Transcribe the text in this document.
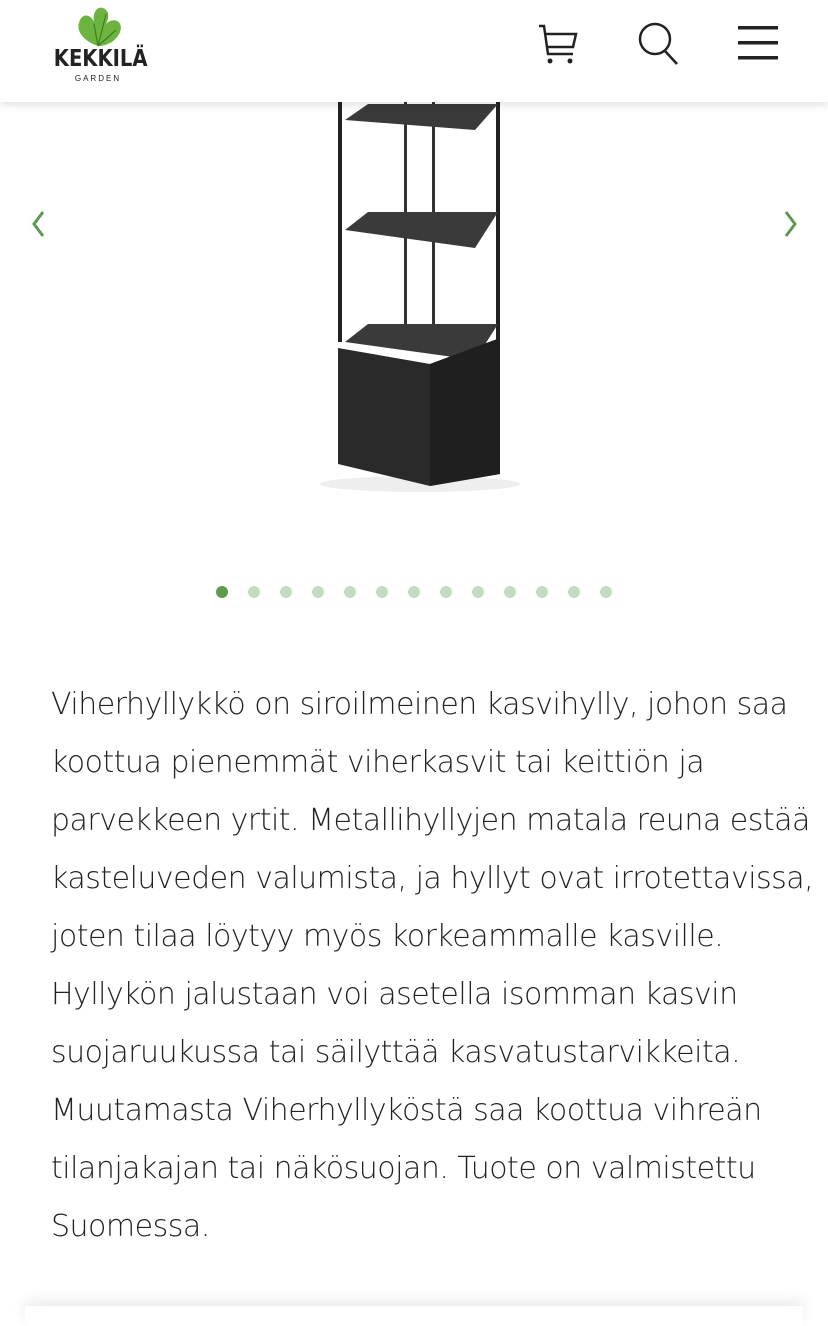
KEKKILÄ
GARDEN
Viherhyllykkö on siroilmeinen kasvihylly, johon saa
koottua pienemmät viherkasvit tai keittiön ja
parvekkeen yrtit. Metallihyllyjen matala reuna estää
kasteluveden valumista, ja hyllyt ovat irrotettavissa,
joten tilaa löytyy myös korkeammalle kasville.
Hyllykön jalustaan voi asetella isomman kasvin
suojaruukussa tai säilyttää kasvatustarvikkeita.
Muutamasta Viherhyllyköstä saa koottua vihreän
tilanjakajan tai näkösuojan. Tuote on valmistettu
Suomessa.
